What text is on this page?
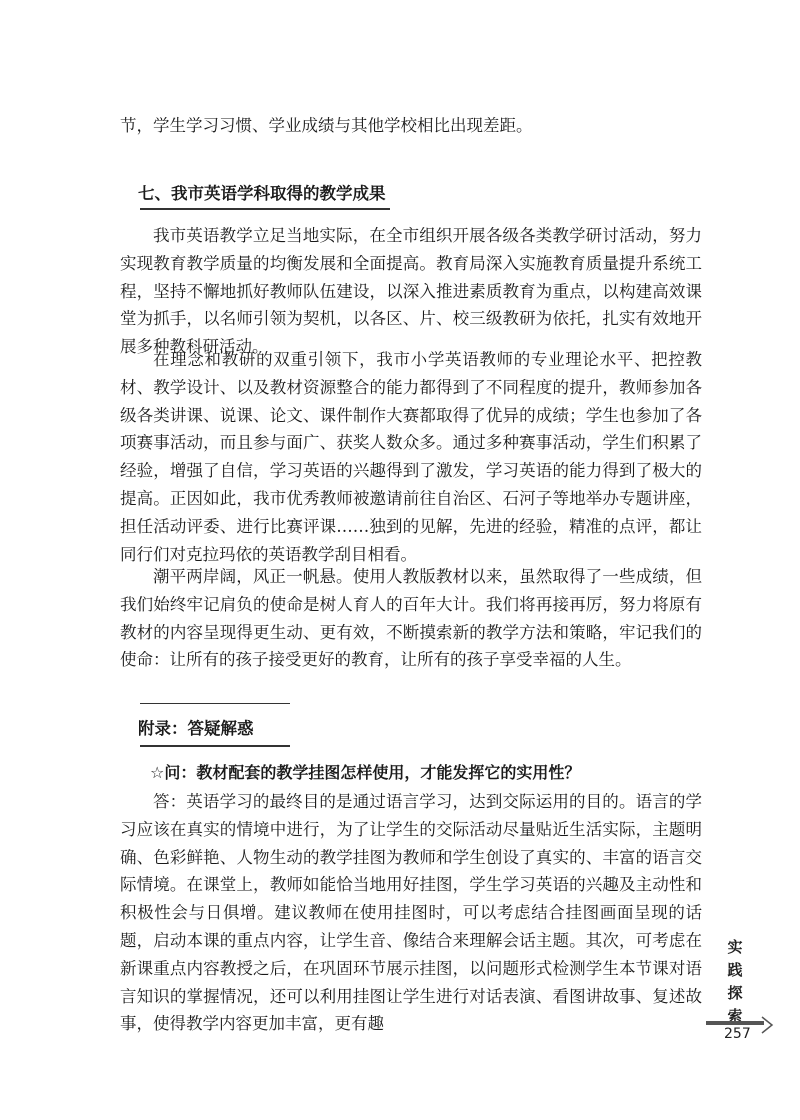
节，学生学习习惯、学业成绩与其他学校相比出现差距。

七、我市英语学科取得的教学成果

我市英语教学立足当地实际，在全市组织开展各级各类教学研讨活动，努力实现教育教学质量的均衡发展和全面提高。教育局深入实施教育质量提升系统工程，坚持不懈地抓好教师队伍建设，以深入推进素质教育为重点，以构建高效课堂为抓手，以名师引领为契机，以各区、片、校三级教研为依托，扎实有效地开展多种教科研活动。

在理念和教研的双重引领下，我市小学英语教师的专业理论水平、把控教材、教学设计、以及教材资源整合的能力都得到了不同程度的提升，教师参加各级各类讲课、说课、论文、课件制作大赛都取得了优异的成绩；学生也参加了各项赛事活动，而且参与面广、获奖人数众多。通过多种赛事活动，学生们积累了经验，增强了自信，学习英语的兴趣得到了激发，学习英语的能力得到了极大的提高。正因如此，我市优秀教师被邀请前往自治区、石河子等地举办专题讲座，担任活动评委、进行比赛评课……独到的见解，先进的经验，精准的点评，都让同行们对克拉玛依的英语教学刮目相看。

潮平两岸阔，风正一帆悬。使用人教版教材以来，虽然取得了一些成绩，但我们始终牢记肩负的使命是树人育人的百年大计。我们将再接再厉，努力将原有教材的内容呈现得更生动、更有效，不断摸索新的教学方法和策略，牢记我们的使命：让所有的孩子接受更好的教育，让所有的孩子享受幸福的人生。

附录：答疑解惑

☆问：教材配套的教学挂图怎样使用，才能发挥它的实用性？

答：英语学习的最终目的是通过语言学习，达到交际运用的目的。语言的学习应该在真实的情境中进行，为了让学生的交际活动尽量贴近生活实际，主题明确、色彩鲜艳、人物生动的教学挂图为教师和学生创设了真实的、丰富的语言交际情境。在课堂上，教师如能恰当地用好挂图，学生学习英语的兴趣及主动性和积极性会与日俱增。建议教师在使用挂图时，可以考虑结合挂图画面呈现的话题，启动本课的重点内容，让学生音、像结合来理解会话主题。其次，可考虑在新课重点内容教授之后，在巩固环节展示挂图，以问题形式检测学生本节课对语言知识的掌握情况，还可以利用挂图让学生进行对话表演、看图讲故事、复述故事，使得教学内容更加丰富，更有趣

实
践
探
索
257
